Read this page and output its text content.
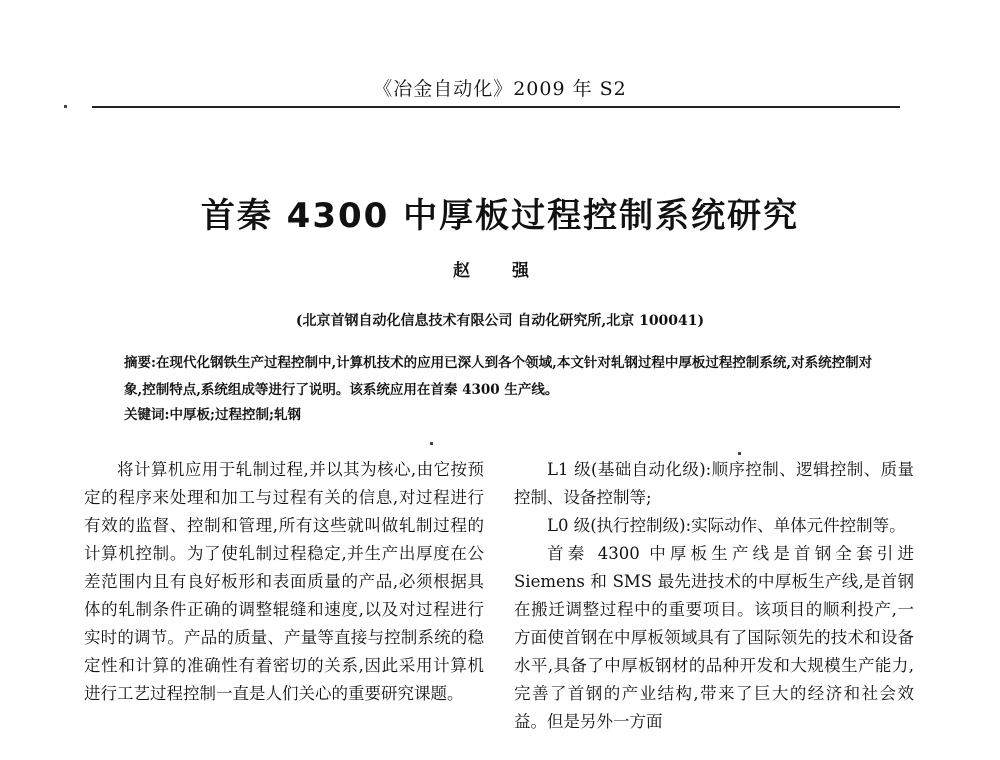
《冶金自动化》2009 年 S2
首秦 4300 中厚板过程控制系统研究
赵 强
(北京首钢自动化信息技术有限公司 自动化研究所,北京 100041)
摘要:在现代化钢铁生产过程控制中,计算机技术的应用已深人到各个领域,本文针对轧钢过程中厚板过程控制系统,对系统控制对象,控制特点,系统组成等进行了说明。该系统应用在首秦 4300 生产线。
关键词:中厚板;过程控制;轧钢

将计算机应用于轧制过程,并以其为核心,由它按预定的程序来处理和加工与过程有关的信息,对过程进行有效的监督、控制和管理,所有这些就叫做轧制过程的计算机控制。为了使轧制过程稳定,并生产出厚度在公差范围内且有良好板形和表面质量的产品,必须根据具体的轧制条件正确的调整辊缝和速度,以及对过程进行实时的调节。产品的质量、产量等直接与控制系统的稳定性和计算的准确性有着密切的关系,因此采用计算机进行工艺过程控制一直是人们关心的重要研究课题。

L1 级(基础自动化级):顺序控制、逻辑控制、质量控制、设备控制等;

L0 级(执行控制级):实际动作、单体元件控制等。

首秦 4300 中厚板生产线是首钢全套引进 Siemens 和 SMS 最先进技术的中厚板生产线,是首钢在搬迁调整过程中的重要项目。该项目的顺利投产,一方面使首钢在中厚板领域具有了国际领先的技术和设备水平,具备了中厚板钢材的品种开发和大规模生产能力,完善了首钢的产业结构,带来了巨大的经济和社会效益。但是另外一方面
